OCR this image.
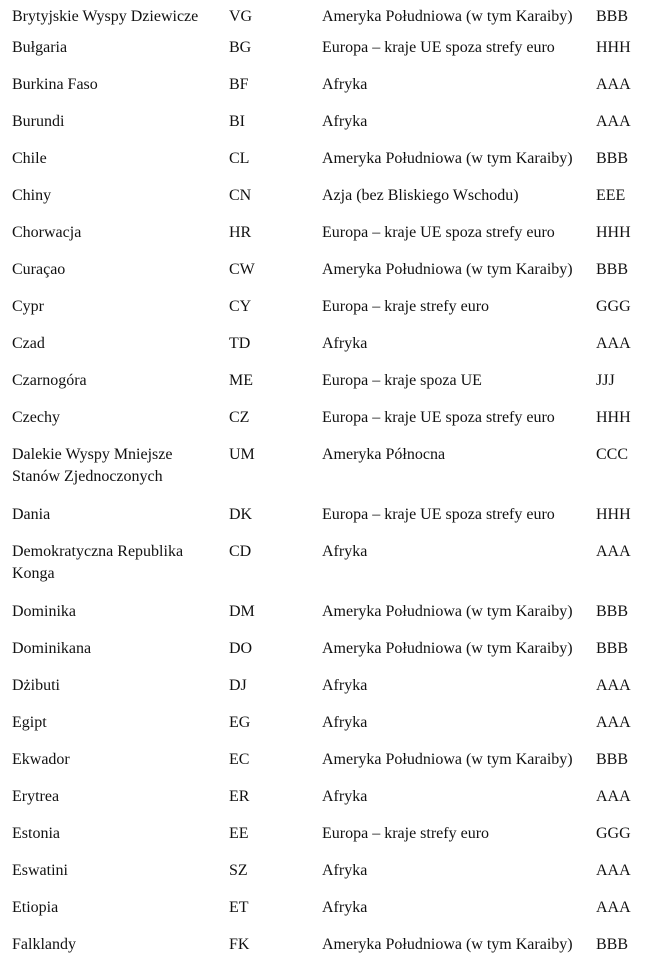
Brytyjskie Wyspy Dziewicze	VG	Ameryka Południowa (w tym Karaiby)	BBB
Bułgaria	BG	Europa – kraje UE spoza strefy euro	HHH
Burkina Faso	BF	Afryka	AAA
Burundi	BI	Afryka	AAA
Chile	CL	Ameryka Południowa (w tym Karaiby)	BBB
Chiny	CN	Azja (bez Bliskiego Wschodu)	EEE
Chorwacja	HR	Europa – kraje UE spoza strefy euro	HHH
Curaçao	CW	Ameryka Południowa (w tym Karaiby)	BBB
Cypr	CY	Europa – kraje strefy euro	GGG
Czad	TD	Afryka	AAA
Czarnogóra	ME	Europa – kraje spoza UE	JJJ
Czechy	CZ	Europa – kraje UE spoza strefy euro	HHH
Dalekie Wyspy Mniejsze Stanów Zjednoczonych	UM	Ameryka Północna	CCC
Dania	DK	Europa – kraje UE spoza strefy euro	HHH
Demokratyczna Republika Konga	CD	Afryka	AAA
Dominika	DM	Ameryka Południowa (w tym Karaiby)	BBB
Dominikana	DO	Ameryka Południowa (w tym Karaiby)	BBB
Dżibuti	DJ	Afryka	AAA
Egipt	EG	Afryka	AAA
Ekwador	EC	Ameryka Południowa (w tym Karaiby)	BBB
Erytrea	ER	Afryka	AAA
Estonia	EE	Europa – kraje strefy euro	GGG
Eswatini	SZ	Afryka	AAA
Etiopia	ET	Afryka	AAA
Falklandy	FK	Ameryka Południowa (w tym Karaiby)	BBB
